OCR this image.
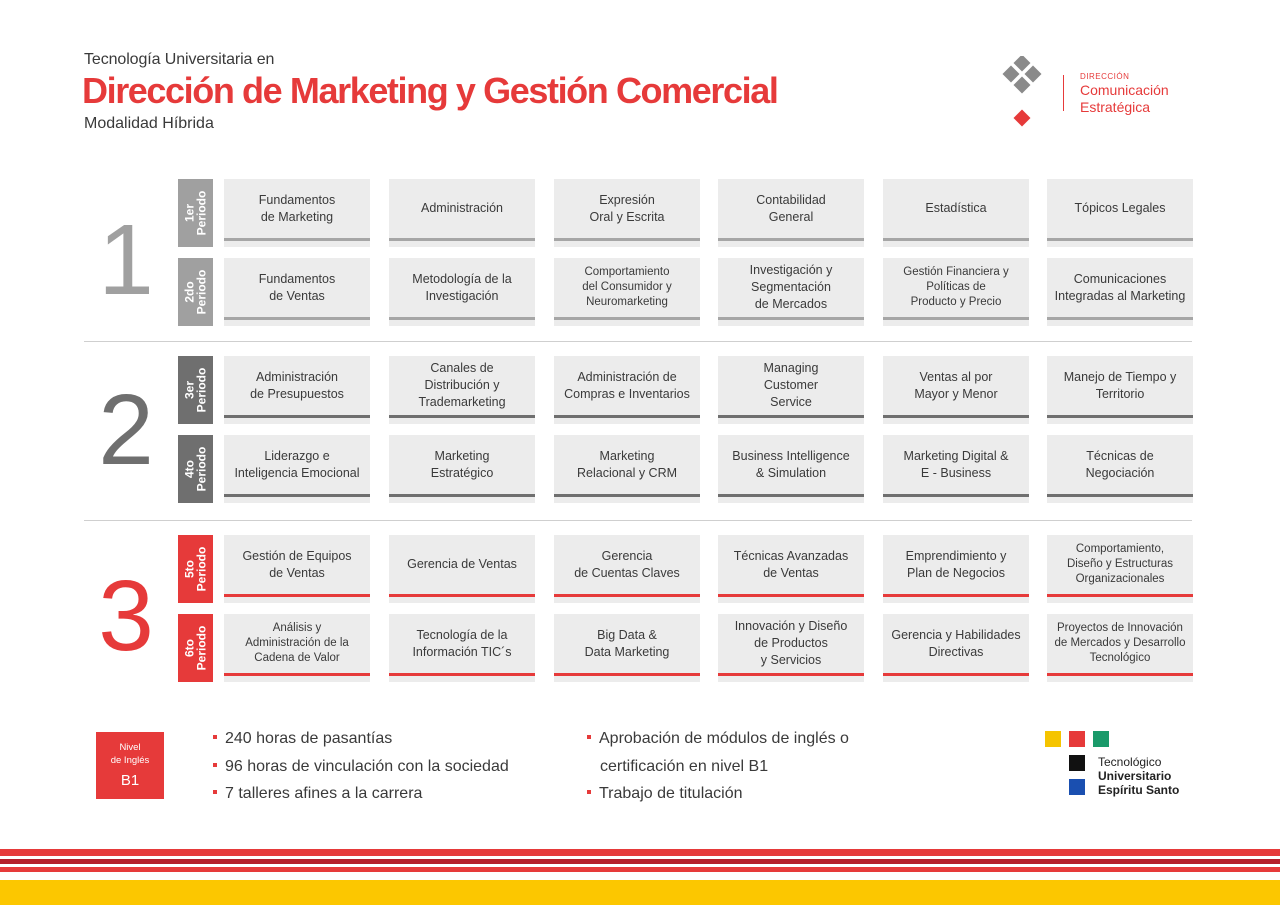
Tecnología Universitaria en
Dirección de Marketing y Gestión Comercial
Modalidad Híbrida
DIRECCIÓN
Comunicación
Estratégica
1
2
3
1er
Periodo
2do
Periodo
3er
Periodo
4to
Periodo
5to
Periodo
6to
Periodo
Fundamentos
de Marketing
Administración
Expresión
Oral y Escrita
Contabilidad
General
Estadística	Tópicos Legales
Fundamentos
de Ventas
Metodología de la
Investigación
Comportamiento
del Consumidor y
Neuromarketing
Investigación y
Segmentación
de Mercados
Gestión Financiera y
Políticas de
Producto y Precio
Comunicaciones
Integradas al Marketing
Administración
de Presupuestos
Canales de
Distribución y
Trademarketing
Administración de
Compras e Inventarios
Managing
Customer
Service
Ventas al por
Mayor y Menor
Manejo de Tiempo y
Territorio
Liderazgo e
Inteligencia Emocional
Marketing
Estratégico
Marketing
Relacional y CRM
Business Intelligence
& Simulation
Marketing Digital &
E - Business
Técnicas de
Negociación
Gestión de Equipos
de Ventas
Gerencia de Ventas
Gerencia
de Cuentas Claves
Técnicas Avanzadas
de Ventas
Emprendimiento y
Plan de Negocios
Comportamiento,
Diseño y Estructuras
Organizacionales
Análisis y
Administración de la
Cadena de Valor
Tecnología de la
Información TIC´s
Big Data &
Data Marketing
Innovación y Diseño
de Productos
y Servicios
Gerencia y Habilidades
Directivas
Proyectos de Innovación
de Mercados y Desarrollo
Tecnológico
Nivel
de Inglés
B1
240 horas de pasantías
96 horas de vinculación con la sociedad
7 talleres afines a la carrera
Aprobación de módulos de inglés o
certificación en nivel B1
Trabajo de titulación
Tecnológico
Universitario
Espíritu Santo
